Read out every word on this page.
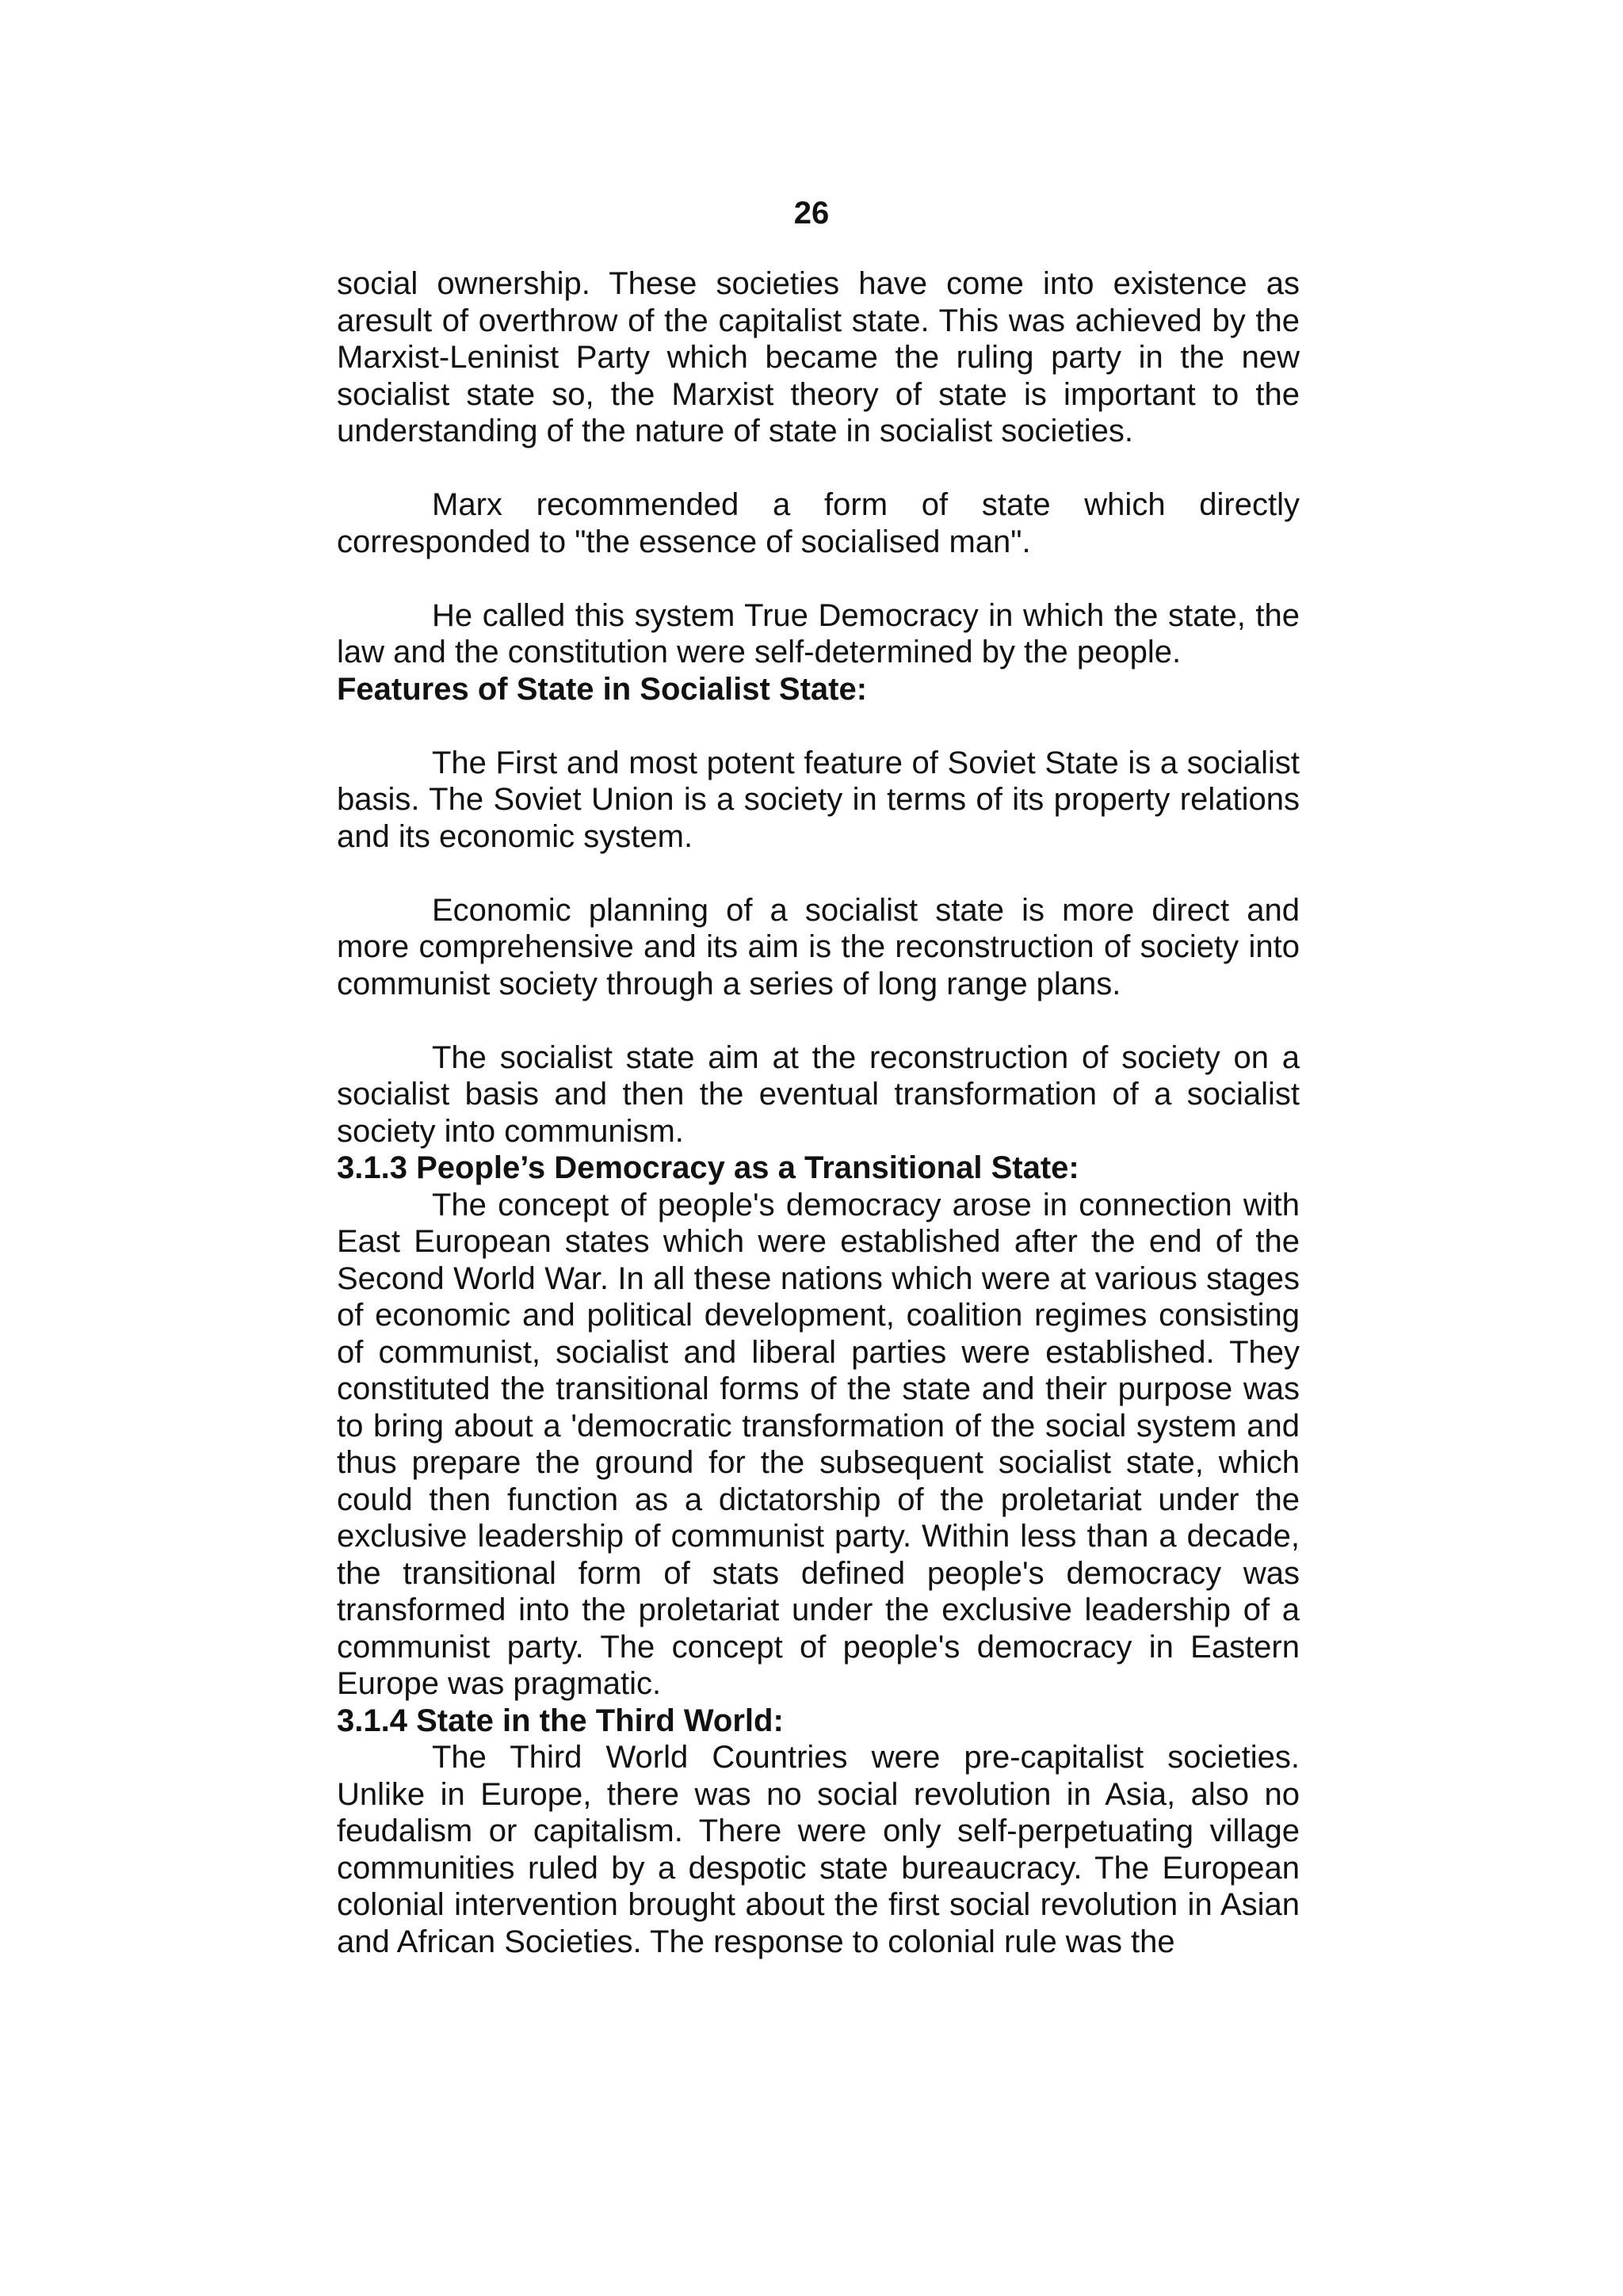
26

social ownership. These societies have come into existence as aresult of overthrow of the capitalist state. This was achieved by the Marxist-Leninist Party which became the ruling party in the new socialist state so, the Marxist theory of state is important to the understanding of the nature of state in socialist societies.

Marx recommended a form of state which directly corresponded to "the essence of socialised man".

He called this system True Democracy in which the state, the law and the constitution were self-determined by the people.

Features of State in Socialist State:

The First and most potent feature of Soviet State is a socialist basis. The Soviet Union is a society in terms of its property relations and its economic system.

Economic planning of a socialist state is more direct and more comprehensive and its aim is the reconstruction of society into communist society through a series of long range plans.

The socialist state aim at the reconstruction of society on a socialist basis and then the eventual transformation of a socialist society into communism.

3.1.3 People’s Democracy as a Transitional State:

The concept of people's democracy arose in connection with East European states which were established after the end of the Second World War. In all these nations which were at various stages of economic and political development, coalition regimes consisting of communist, socialist and liberal parties were established. They constituted the transitional forms of the state and their purpose was to bring about a 'democratic transformation of the social system and thus prepare the ground for the subsequent socialist state, which could then function as a dictatorship of the proletariat under the exclusive leadership of communist party. Within less than a decade, the transitional form of stats defined people's democracy was transformed into the proletariat under the exclusive leadership of a communist party. The concept of people's democracy in Eastern Europe was pragmatic.

3.1.4 State in the Third World:

The Third World Countries were pre-capitalist societies. Unlike in Europe, there was no social revolution in Asia, also no feudalism or capitalism. There were only self-perpetuating village communities ruled by a despotic state bureaucracy. The European colonial intervention brought about the first social revolution in Asian and African Societies. The response to colonial rule was the
